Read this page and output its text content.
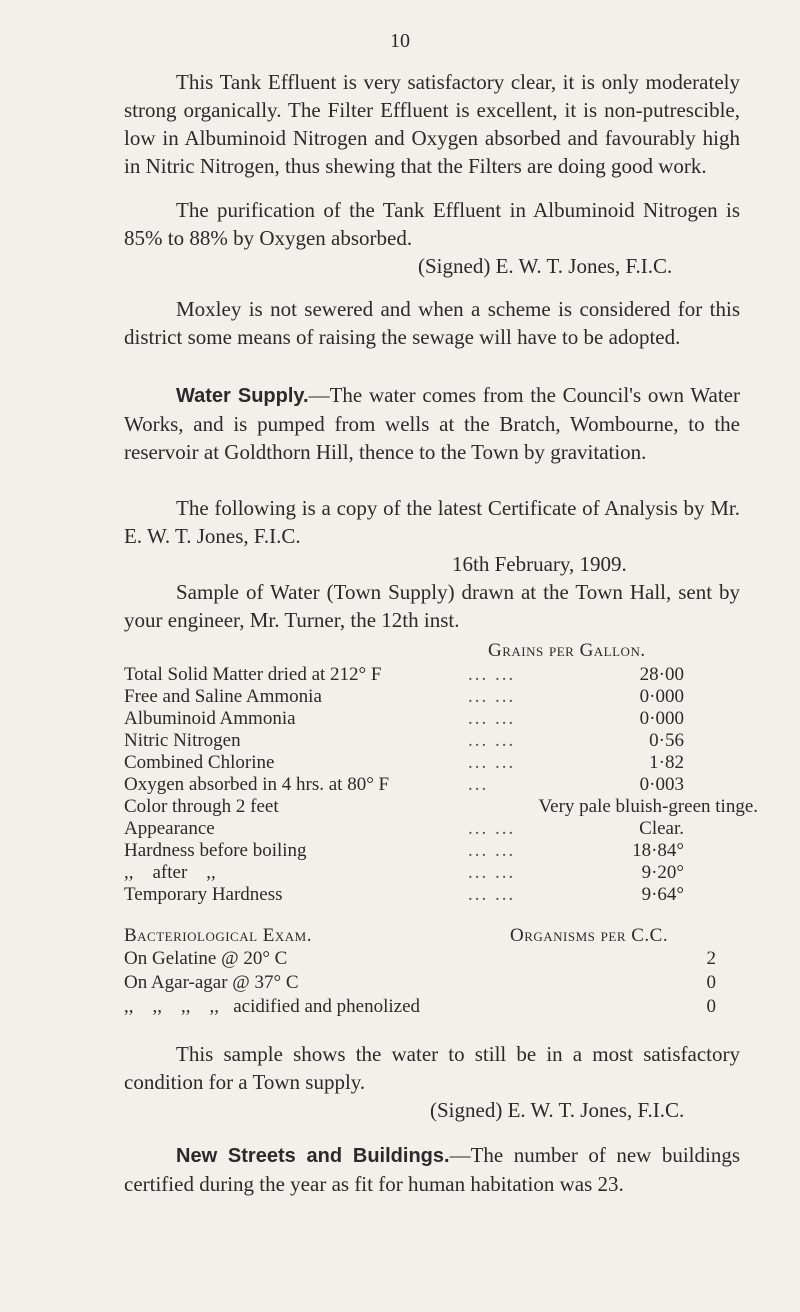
10

This Tank Effluent is very satisfactory clear, it is only moderately strong organically. The Filter Effluent is excellent, it is non-putrescible, low in Albuminoid Nitrogen and Oxygen absorbed and favourably high in Nitric Nitrogen, thus shewing that the Filters are doing good work.

The purification of the Tank Effluent in Albuminoid Nitrogen is 85% to 88% by Oxygen absorbed.

(Signed) E. W. T. Jones, F.I.C.

Moxley is not sewered and when a scheme is considered for this district some means of raising the sewage will have to be adopted.

Water Supply.—The water comes from the Council's own Water Works, and is pumped from wells at the Bratch, Wombourne, to the reservoir at Goldthorn Hill, thence to the Town by gravitation.

The following is a copy of the latest Certificate of Analysis by Mr. E. W. T. Jones, F.I.C.

16th February, 1909.

Sample of Water (Town Supply) drawn at the Town Hall, sent by your engineer, Mr. Turner, the 12th inst.

Grains per Gallon.
Total Solid Matter dried at 212° F	... ...	28·00
Free and Saline Ammonia	... ...	0·000
Albuminoid Ammonia	... ...	0·000
Nitric Nitrogen	... ...	0·56
Combined Chlorine	... ...	1·82
Oxygen absorbed in 4 hrs. at 80° F	...	0·003
Color through 2 feet	Very pale bluish-green tinge.
Appearance	... ...	Clear.
Hardness before boiling	... ...	18·84°
,,    after    ,,	... ...	9·20°
Temporary Hardness	... ...	9·64°
Bacteriological Exam.	Organisms per C.C.
On Gelatine @ 20° C	2
On Agar-agar @ 37° C	0
,,    ,,    ,,    ,,   acidified and phenolized	0

This sample shows the water to still be in a most satisfactory condition for a Town supply.

(Signed) E. W. T. Jones, F.I.C.

New Streets and Buildings.—The number of new buildings certified during the year as fit for human habitation was 23.
